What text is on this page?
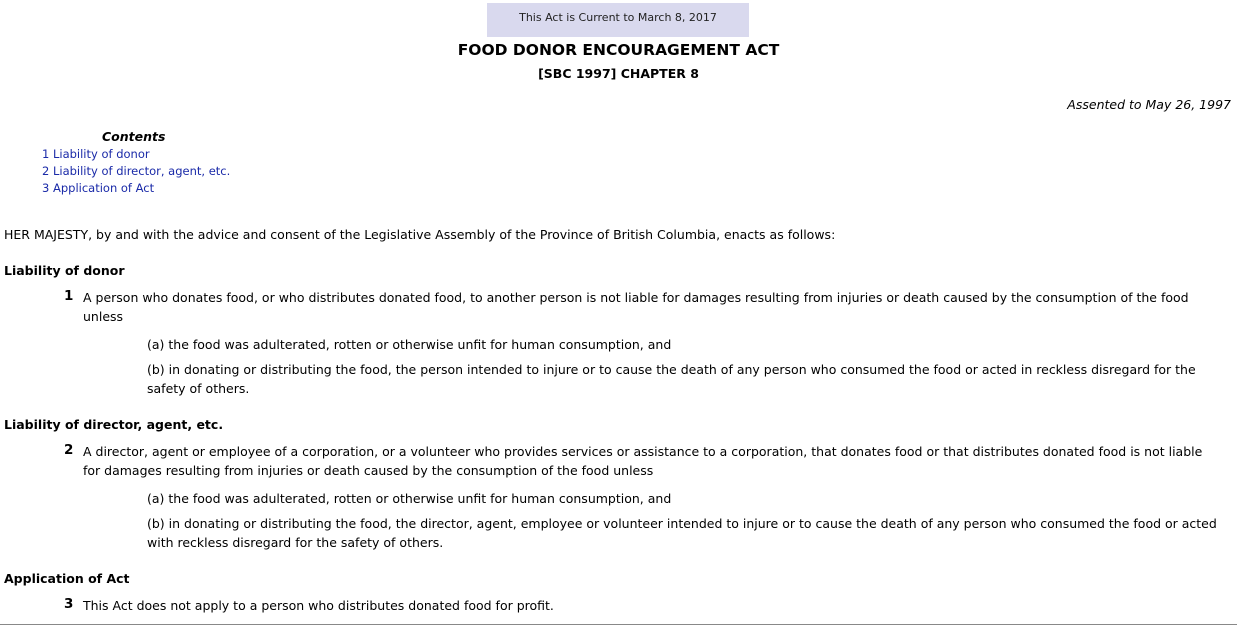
This Act is Current to March 8, 2017
FOOD DONOR ENCOURAGEMENT ACT
[SBC 1997] CHAPTER 8
Assented to May 26, 1997
Contents
1 Liability of donor
2 Liability of director, agent, etc.
3 Application of Act
HER MAJESTY, by and with the advice and consent of the Legislative Assembly of the Province of British Columbia, enacts as follows:
Liability of donor
1 A person who donates food, or who distributes donated food, to another person is not liable for damages resulting from injuries or death caused by the consumption of the food unless
(a) the food was adulterated, rotten or otherwise unfit for human consumption, and
(b) in donating or distributing the food, the person intended to injure or to cause the death of any person who consumed the food or acted in reckless disregard for the safety of others.
Liability of director, agent, etc.
2 A director, agent or employee of a corporation, or a volunteer who provides services or assistance to a corporation, that donates food or that distributes donated food is not liable for damages resulting from injuries or death caused by the consumption of the food unless
(a) the food was adulterated, rotten or otherwise unfit for human consumption, and
(b) in donating or distributing the food, the director, agent, employee or volunteer intended to injure or to cause the death of any person who consumed the food or acted with reckless disregard for the safety of others.
Application of Act
3 This Act does not apply to a person who distributes donated food for profit.
